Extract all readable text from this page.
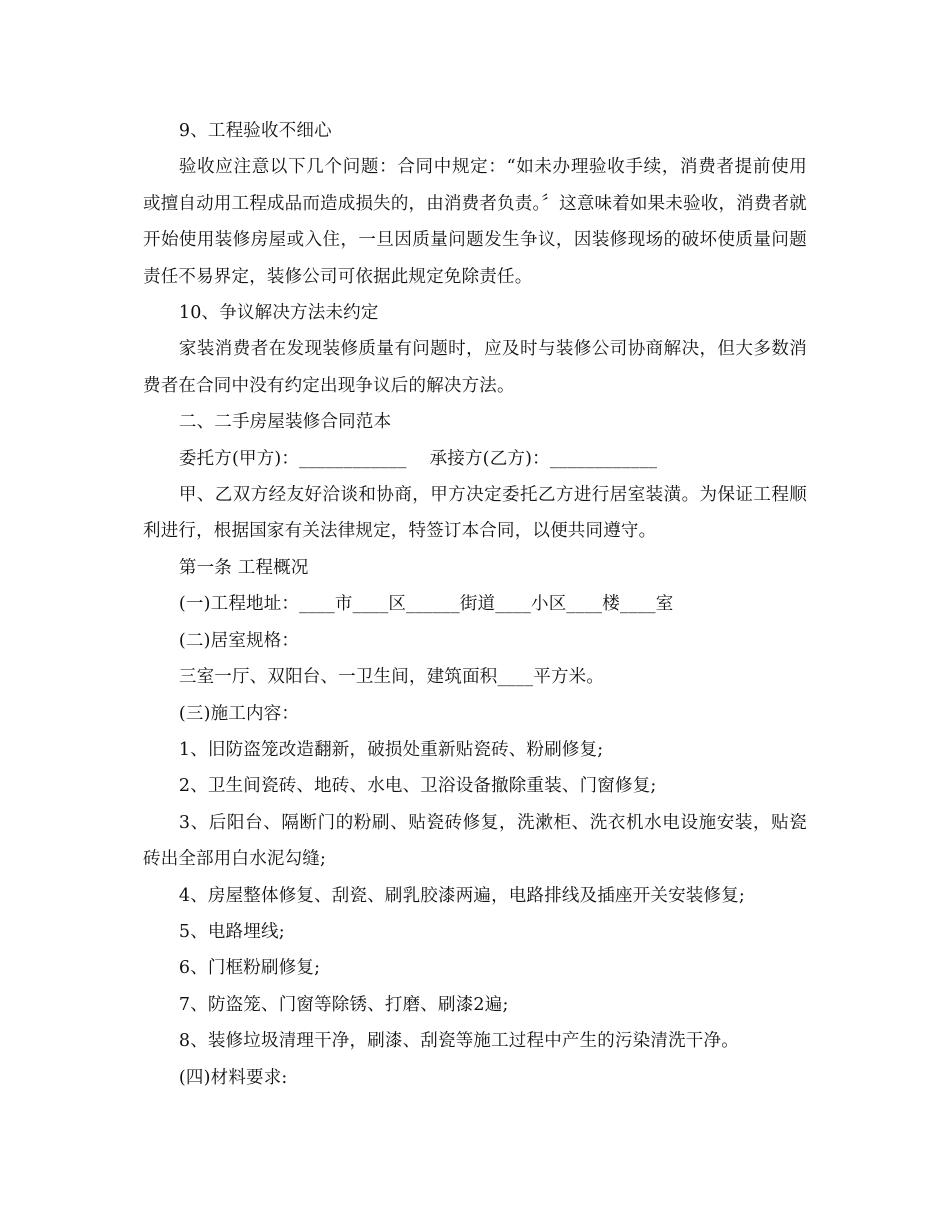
9、工程验收不细心

验收应注意以下几个问题：合同中规定：“如未办理验收手续，消费者提前使用或擅自动用工程成品而造成损失的，由消费者负责。〞这意味着如果未验收，消费者就开始使用装修房屋或入住，一旦因质量问题发生争议，因装修现场的破坏使质量问题责任不易界定，装修公司可依据此规定免除责任。

10、争议解决方法未约定

家装消费者在发现装修质量有问题时，应及时与装修公司协商解决，但大多数消费者在合同中没有约定出现争议后的解决方法。

二、二手房屋装修合同范本

委托方(甲方)：____________    承接方(乙方)：____________

甲、乙双方经友好洽谈和协商，甲方决定委托乙方进行居室装潢。为保证工程顺利进行，根据国家有关法律规定，特签订本合同，以便共同遵守。

第一条 工程概况

(一)工程地址：____市____区______街道____小区____楼____室

(二)居室规格：

三室一厅、双阳台、一卫生间，建筑面积____平方米。

(三)施工内容：

1、旧防盗笼改造翻新，破损处重新贴瓷砖、粉刷修复;

2、卫生间瓷砖、地砖、水电、卫浴设备撤除重装、门窗修复;

3、后阳台、隔断门的粉刷、贴瓷砖修复，洗漱柜、洗衣机水电设施安装，贴瓷砖出全部用白水泥勾缝;

4、房屋整体修复、刮瓷、刷乳胶漆两遍，电路排线及插座开关安装修复;

5、电路埋线;

6、门框粉刷修复;

7、防盗笼、门窗等除锈、打磨、刷漆2遍;

8、装修垃圾清理干净，刷漆、刮瓷等施工过程中产生的污染清洗干净。

(四)材料要求:
